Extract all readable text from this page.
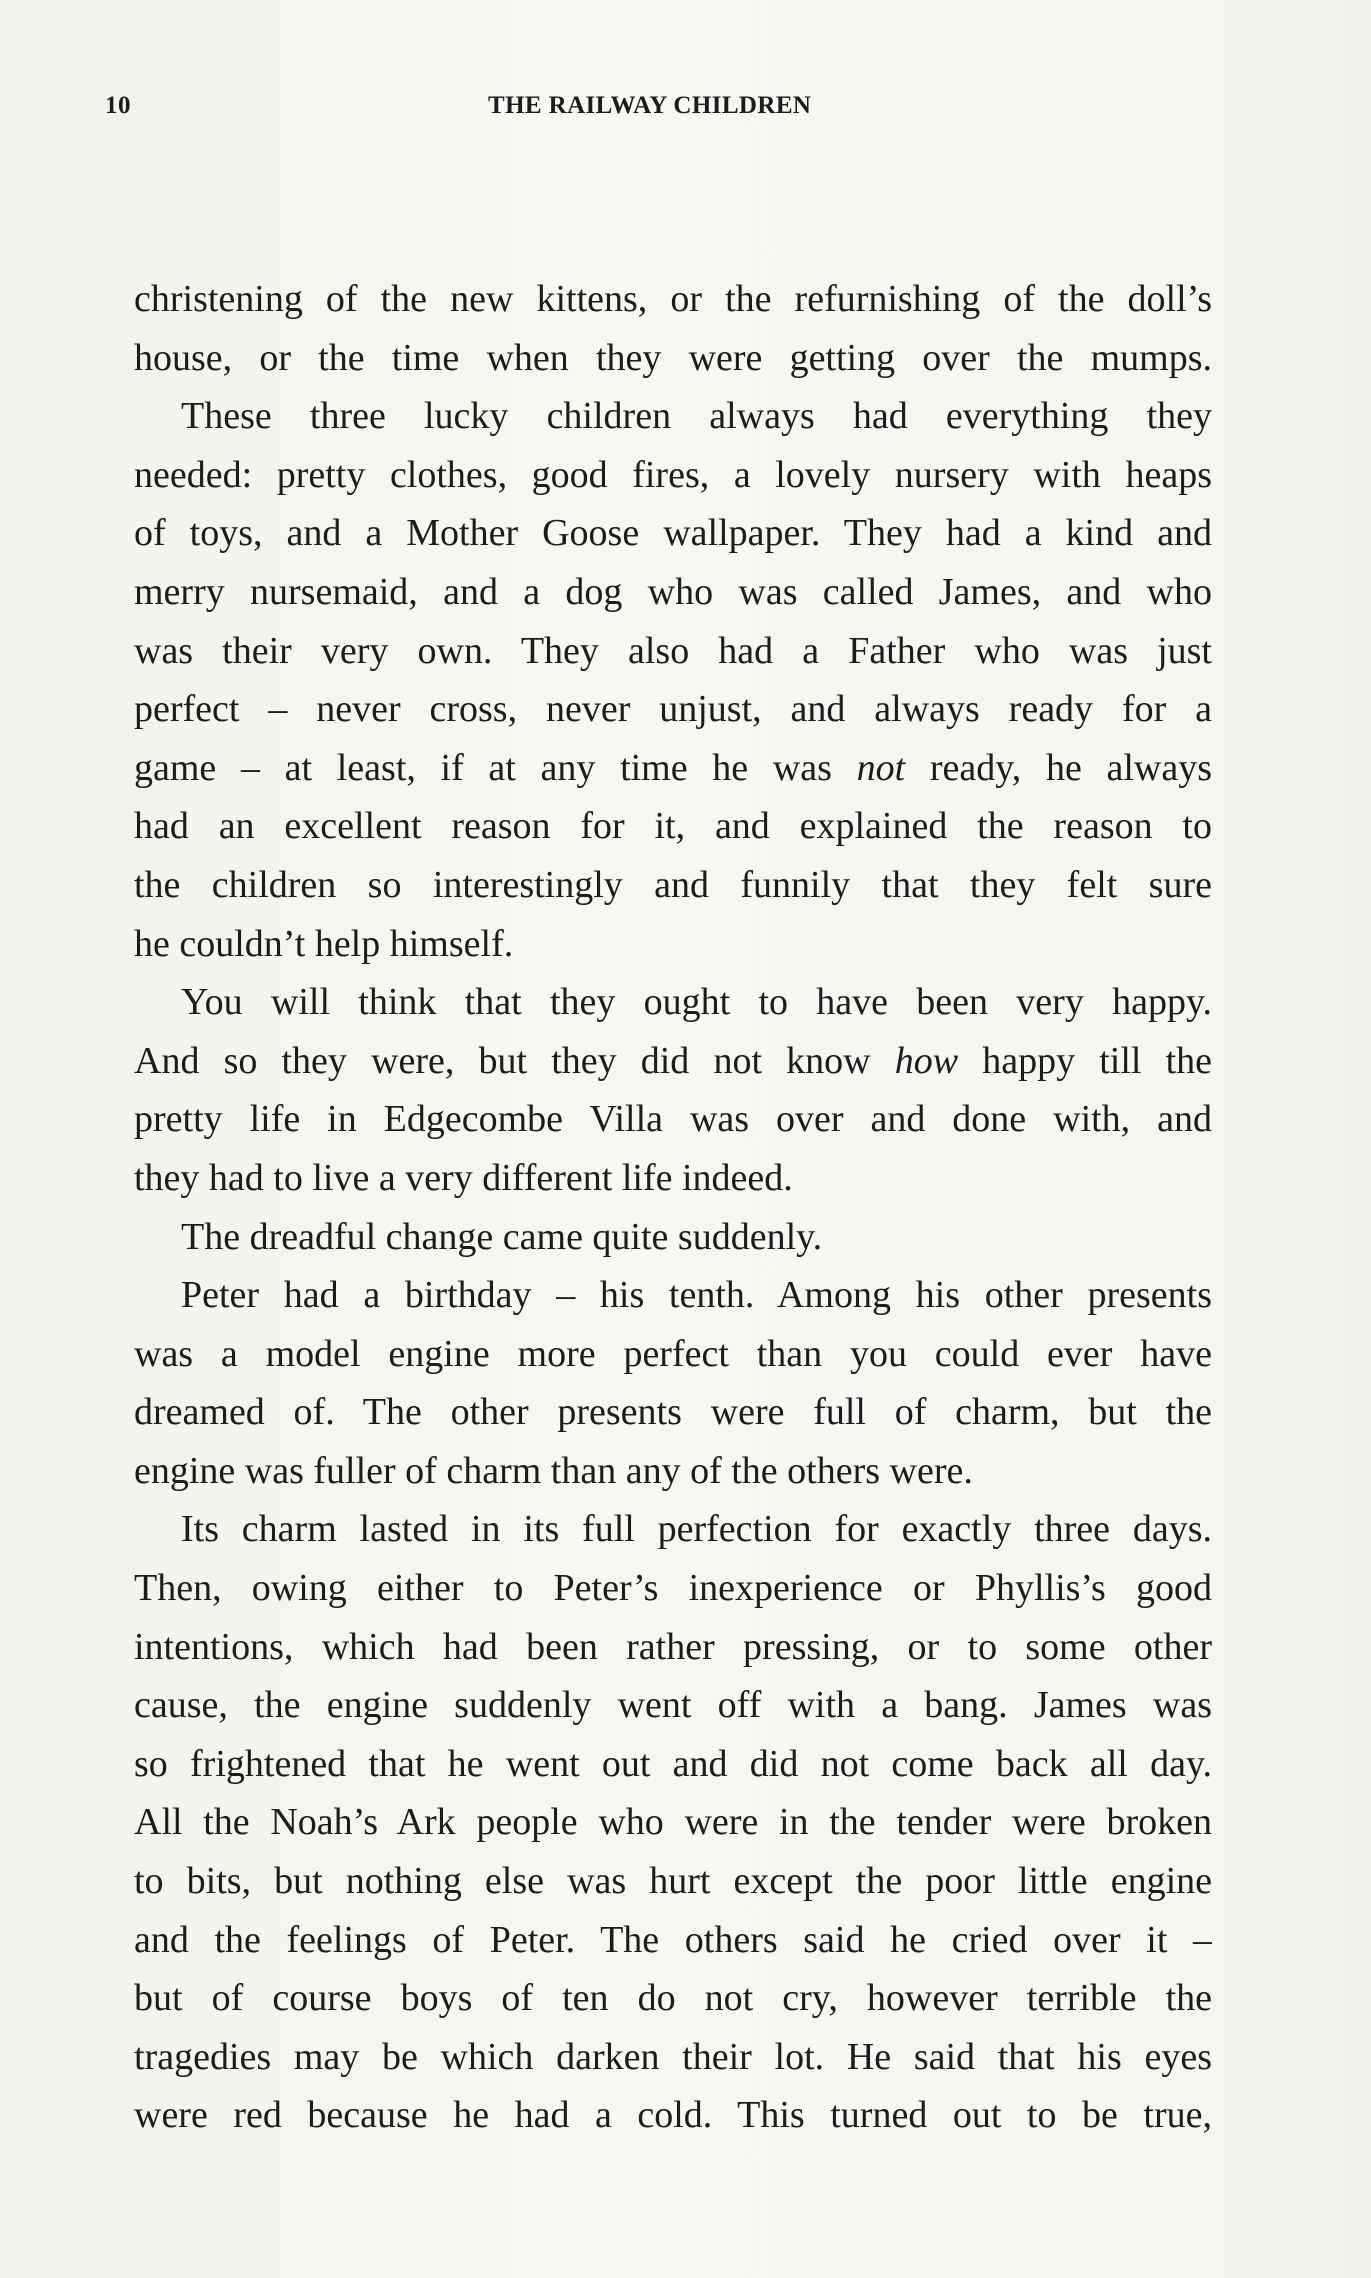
10	THE RAILWAY CHILDREN
christening of the new kittens, or the refurnishing of the doll’s
house, or the time when they were getting over the mumps.
These three lucky children always had everything they
needed: pretty clothes, good fires, a lovely nursery with heaps
of toys, and a Mother Goose wallpaper. They had a kind and
merry nursemaid, and a dog who was called James, and who
was their very own. They also had a Father who was just
perfect – never cross, never unjust, and always ready for a
game – at least, if at any time he was not ready, he always
had an excellent reason for it, and explained the reason to
the children so interestingly and funnily that they felt sure
he couldn’t help himself.
You will think that they ought to have been very happy.
And so they were, but they did not know how happy till the
pretty life in Edgecombe Villa was over and done with, and
they had to live a very different life indeed.
The dreadful change came quite suddenly.
Peter had a birthday – his tenth. Among his other presents
was a model engine more perfect than you could ever have
dreamed of. The other presents were full of charm, but the
engine was fuller of charm than any of the others were.
Its charm lasted in its full perfection for exactly three days.
Then, owing either to Peter’s inexperience or Phyllis’s good
intentions, which had been rather pressing, or to some other
cause, the engine suddenly went off with a bang. James was
so frightened that he went out and did not come back all day.
All the Noah’s Ark people who were in the tender were broken
to bits, but nothing else was hurt except the poor little engine
and the feelings of Peter. The others said he cried over it –
but of course boys of ten do not cry, however terrible the
tragedies may be which darken their lot. He said that his eyes
were red because he had a cold. This turned out to be true,
